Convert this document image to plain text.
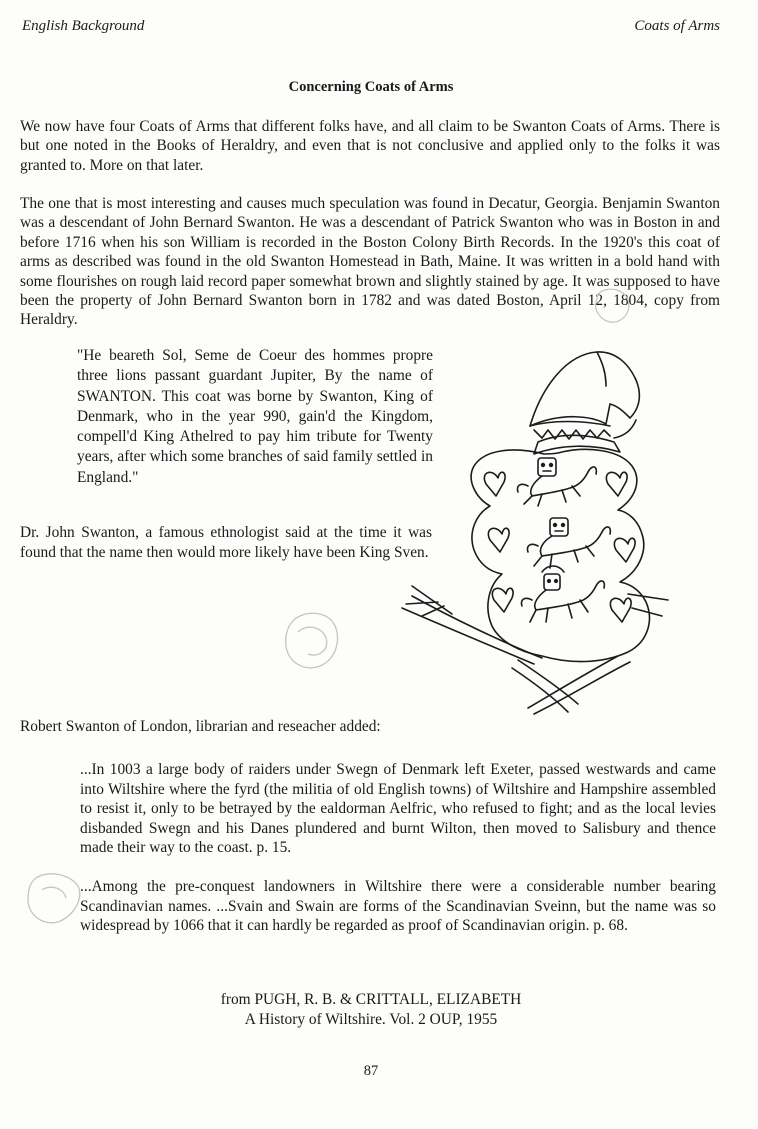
English Background	Coats of Arms
Concerning Coats of Arms
We now have four Coats of Arms that different folks have, and all claim to be Swanton Coats of Arms. There is but one noted in the Books of Heraldry, and even that is not conclusive and applied only to the folks it was granted to. More on that later.
The one that is most interesting and causes much speculation was found in Decatur, Georgia. Benjamin Swanton was a descendant of John Bernard Swanton. He was a descendant of Patrick Swanton who was in Boston in and before 1716 when his son William is recorded in the Boston Colony Birth Records. In the 1920's this coat of arms as described was found in the old Swanton Homestead in Bath, Maine. It was written in a bold hand with some flourishes on rough laid record paper somewhat brown and slightly stained by age. It was supposed to have been the property of John Bernard Swanton born in 1782 and was dated Boston, April 12, 1804, copy from Heraldry.
"He beareth Sol, Seme de Coeur des hommes propre three lions passant guardant Jupiter, By the name of SWANTON. This coat was borne by Swanton, King of Denmark, who in the year 990, gain'd the Kingdom, compell'd King Athelred to pay him tribute for Twenty years, after which some branches of said family settled in England."
Dr. John Swanton, a famous ethnologist said at the time it was found that the name then would more likely have been King Sven.
Robert Swanton of London, librarian and reseacher added:
...In 1003 a large body of raiders under Swegn of Denmark left Exeter, passed westwards and came into Wiltshire where the fyrd (the militia of old English towns) of Wiltshire and Hampshire assembled to resist it, only to be betrayed by the ealdorman Aelfric, who refused to fight; and as the local levies disbanded Swegn and his Danes plundered and burnt Wilton, then moved to Salisbury and thence made their way to the coast. p. 15.
...Among the pre-conquest landowners in Wiltshire there were a considerable number bearing Scandinavian names. ...Svain and Swain are forms of the Scandinavian Sveinn, but the name was so widespread by 1066 that it can hardly be regarded as proof of Scandinavian origin. p. 68.
from PUGH, R. B. & CRITTALL, ELIZABETH
A History of Wiltshire. Vol. 2 OUP, 1955
87
